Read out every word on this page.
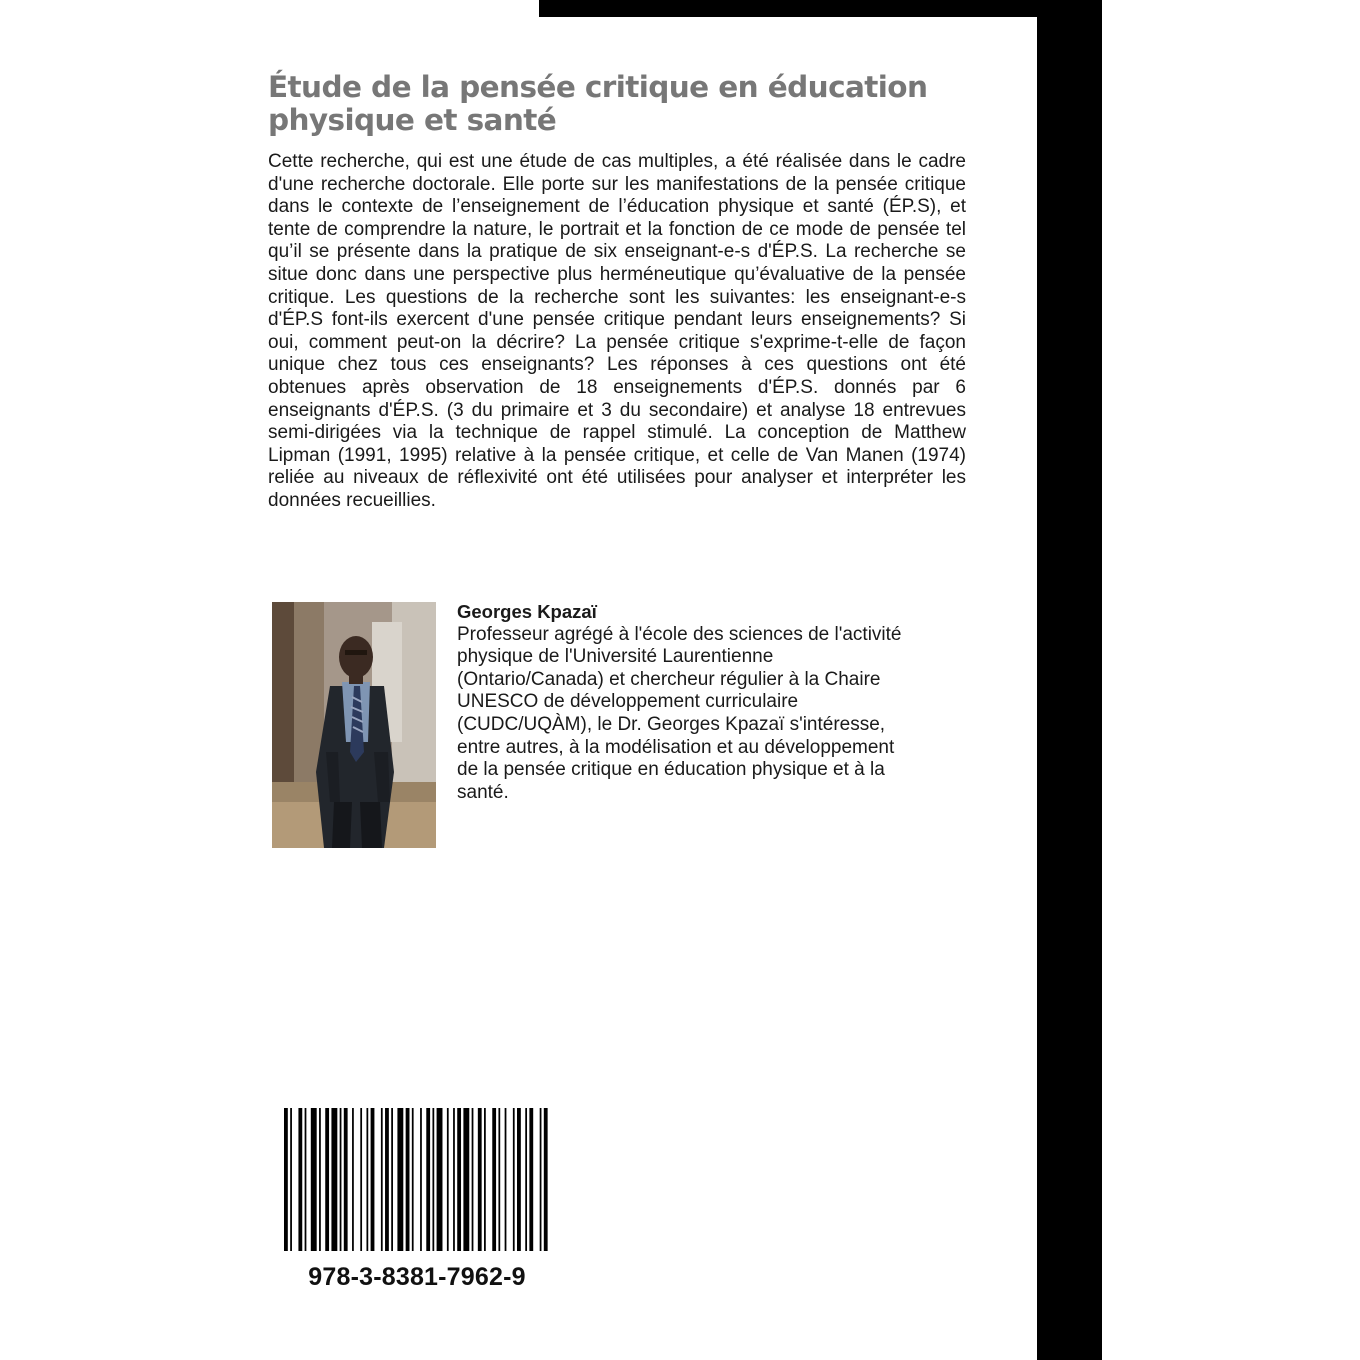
Étude de la pensée critique en éducation
physique et santé

Cette recherche, qui est une étude de cas multiples, a été réalisée dans le cadre d'une recherche doctorale. Elle porte sur les manifestations de la pensée critique dans le contexte de l’enseignement de l’éducation physique et santé (ÉP.S), et tente de comprendre la nature, le portrait et la fonction de ce mode de pensée tel qu’il se présente dans la pratique de six enseignant-e-s d'ÉP.S. La recherche se situe donc dans une perspective plus herméneutique qu’évaluative de la pensée critique. Les questions de la recherche sont les suivantes: les enseignant-e-s d'ÉP.S font-ils exercent d'une pensée critique pendant leurs enseignements? Si oui, comment peut-on la décrire? La pensée critique s'exprime-t-elle de façon unique chez tous ces enseignants? Les réponses à ces questions ont été obtenues après observation de 18 enseignements d'ÉP.S. donnés par 6 enseignants d'ÉP.S. (3 du primaire et 3 du secondaire) et analyse 18 entrevues semi-dirigées via la technique de rappel stimulé. La conception de Matthew Lipman (1991, 1995) relative à la pensée critique, et celle de Van Manen (1974) reliée au niveaux de réflexivité ont été utilisées pour analyser et interpréter les données recueillies.

Georges Kpazaï
Professeur agrégé à l'école des sciences de l'activité
physique de l'Université Laurentienne
(Ontario/Canada) et chercheur régulier à la Chaire
UNESCO de développement curriculaire
(CUDC/UQÀM), le Dr. Georges Kpazaï s'intéresse,
entre autres, à la modélisation et au développement
de la pensée critique en éducation physique et à la
santé.
978-3-8381-7962-9
